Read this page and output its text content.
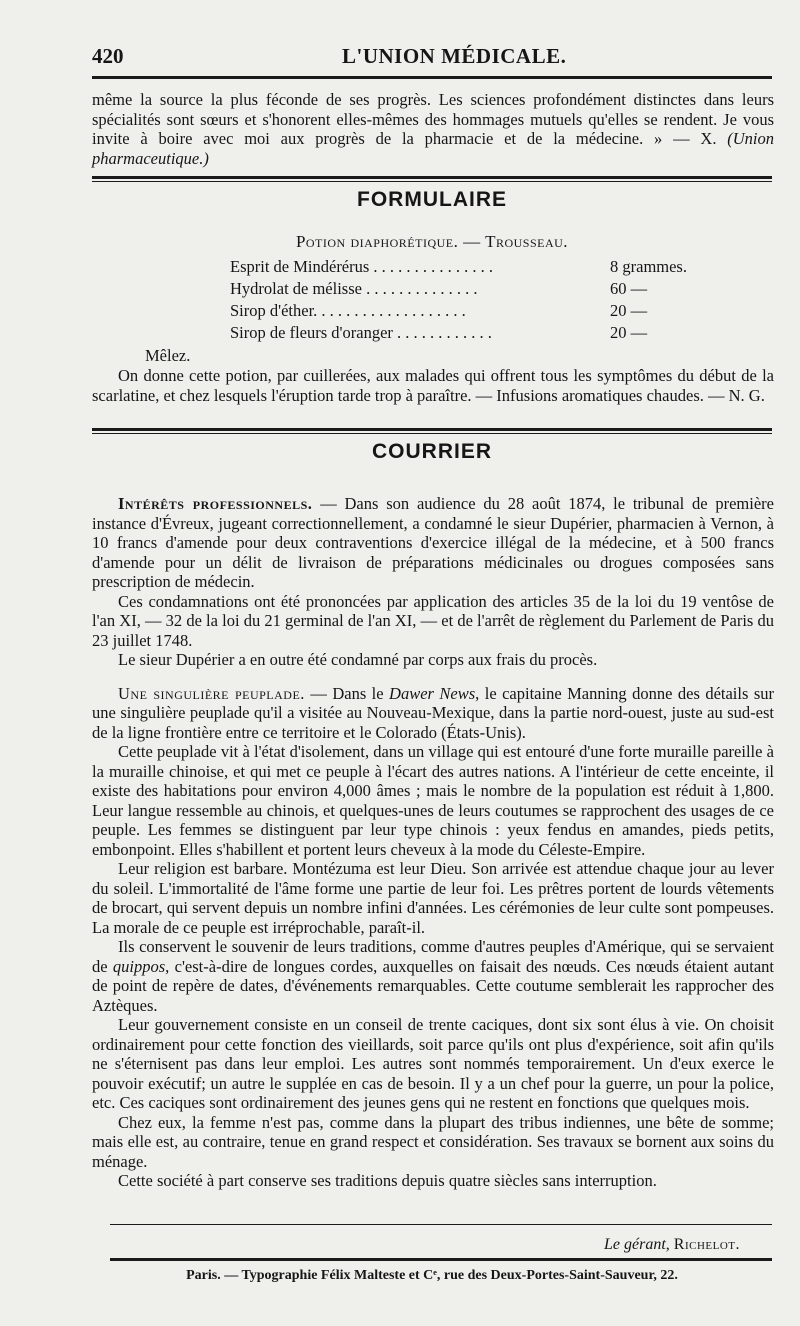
420	L'UNION MÉDICALE.

même la source la plus féconde de ses progrès. Les sciences profondément distinctes dans leurs spécialités sont sœurs et s'honorent elles-mêmes des hommages mutuels qu'elles se rendent. Je vous invite à boire avec moi aux progrès de la pharmacie et de la médecine. » — X. (Union pharmaceutique.)

FORMULAIRE
Potion diaphorétique. — Trousseau.
Esprit de Mindérérus . . . . . . . . . . . . . . .	8 grammes.
Hydrolat de mélisse . . . . . . . . . . . . . .	60 —
Sirop d'éther. . . . . . . . . . . . . . . . . . .	20 —
Sirop de fleurs d'oranger . . . . . . . . . . . .	20 —
Mêlez.

On donne cette potion, par cuillerées, aux malades qui offrent tous les symptômes du début de la scarlatine, et chez lesquels l'éruption tarde trop à paraître. — Infusions aromatiques chaudes. — N. G.

COURRIER

Intérêts professionnels. — Dans son audience du 28 août 1874, le tribunal de première instance d'Évreux, jugeant correctionnellement, a condamné le sieur Dupérier, pharmacien à Vernon, à 10 francs d'amende pour deux contraventions d'exercice illégal de la médecine, et à 500 francs d'amende pour un délit de livraison de préparations médicinales ou drogues composées sans prescription de médecin.

Ces condamnations ont été prononcées par application des articles 35 de la loi du 19 ventôse de l'an XI, — 32 de la loi du 21 germinal de l'an XI, — et de l'arrêt de règlement du Parlement de Paris du 23 juillet 1748.

Le sieur Dupérier a en outre été condamné par corps aux frais du procès.

Une singulière peuplade. — Dans le Dawer News, le capitaine Manning donne des détails sur une singulière peuplade qu'il a visitée au Nouveau-Mexique, dans la partie nord-ouest, juste au sud-est de la ligne frontière entre ce territoire et le Colorado (États-Unis).

Cette peuplade vit à l'état d'isolement, dans un village qui est entouré d'une forte muraille pareille à la muraille chinoise, et qui met ce peuple à l'écart des autres nations. A l'intérieur de cette enceinte, il existe des habitations pour environ 4,000 âmes ; mais le nombre de la population est réduit à 1,800. Leur langue ressemble au chinois, et quelques-unes de leurs coutumes se rapprochent des usages de ce peuple. Les femmes se distinguent par leur type chinois : yeux fendus en amandes, pieds petits, embonpoint. Elles s'habillent et portent leurs cheveux à la mode du Céleste-Empire.

Leur religion est barbare. Montézuma est leur Dieu. Son arrivée est attendue chaque jour au lever du soleil. L'immortalité de l'âme forme une partie de leur foi. Les prêtres portent de lourds vêtements de brocart, qui servent depuis un nombre infini d'années. Les cérémonies de leur culte sont pompeuses. La morale de ce peuple est irréprochable, paraît-il.

Ils conservent le souvenir de leurs traditions, comme d'autres peuples d'Amérique, qui se servaient de quippos, c'est-à-dire de longues cordes, auxquelles on faisait des nœuds. Ces nœuds étaient autant de point de repère de dates, d'événements remarquables. Cette coutume semblerait les rapprocher des Aztèques.

Leur gouvernement consiste en un conseil de trente caciques, dont six sont élus à vie. On choisit ordinairement pour cette fonction des vieillards, soit parce qu'ils ont plus d'expérience, soit afin qu'ils ne s'éternisent pas dans leur emploi. Les autres sont nommés temporairement. Un d'eux exerce le pouvoir exécutif; un autre le supplée en cas de besoin. Il y a un chef pour la guerre, un pour la police, etc. Ces caciques sont ordinairement des jeunes gens qui ne restent en fonctions que quelques mois.

Chez eux, la femme n'est pas, comme dans la plupart des tribus indiennes, une bête de somme; mais elle est, au contraire, tenue en grand respect et considération. Ses travaux se bornent aux soins du ménage.

Cette société à part conserve ses traditions depuis quatre siècles sans interruption.

Le gérant, Richelot.
Paris. — Typographie Félix Malteste et Cᵉ, rue des Deux-Portes-Saint-Sauveur, 22.
